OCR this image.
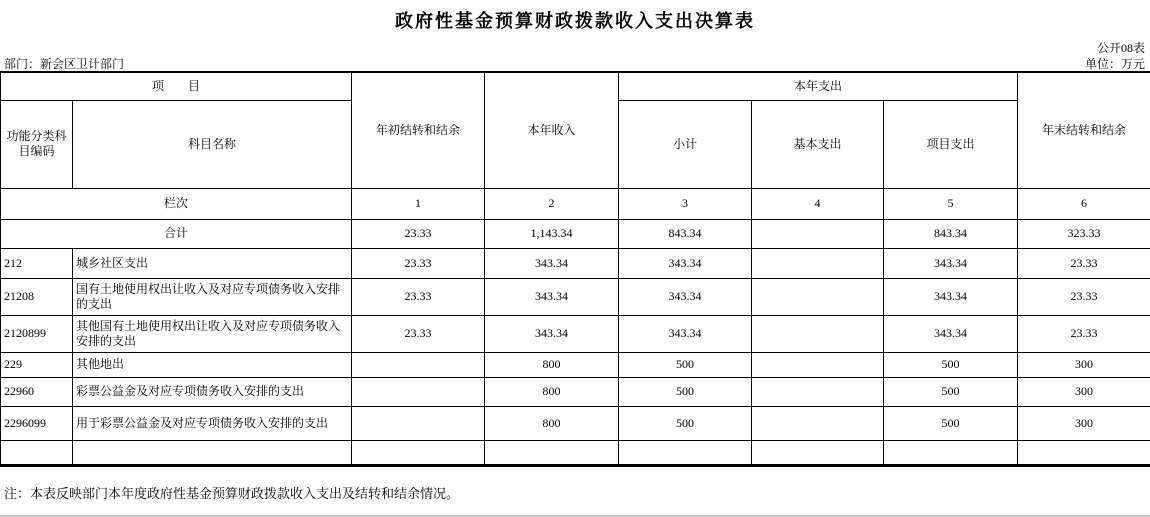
政府性基金预算财政拨款收入支出决算表
公开08表
部门：新会区卫计部门	单位：万元
项　　目		年初结转和结余	本年收入	本年支出			年末结转和结余
功能分类科目编码	科目名称			小计	基本支出	项目支出	
栏次		1	2	3	4	5	6
合计		23.33	1,143.34	843.34		843.34	323.33
212	城乡社区支出	23.33	343.34	343.34		343.34	23.33
21208	国有土地使用权出让收入及对应专项债务收入安排的支出	23.33	343.34	343.34		343.34	23.33
2120899	其他国有土地使用权出让收入及对应专项债务收入安排的支出	23.33	343.34	343.34		343.34	23.33
229	其他地出		800	500		500	300
22960	彩票公益金及对应专项债务收入安排的支出		800	500		500	300
2296099	用于彩票公益金及对应专项债务收入安排的支出		800	500		500	300

注：本表反映部门本年度政府性基金预算财政拨款收入支出及结转和结余情况。
